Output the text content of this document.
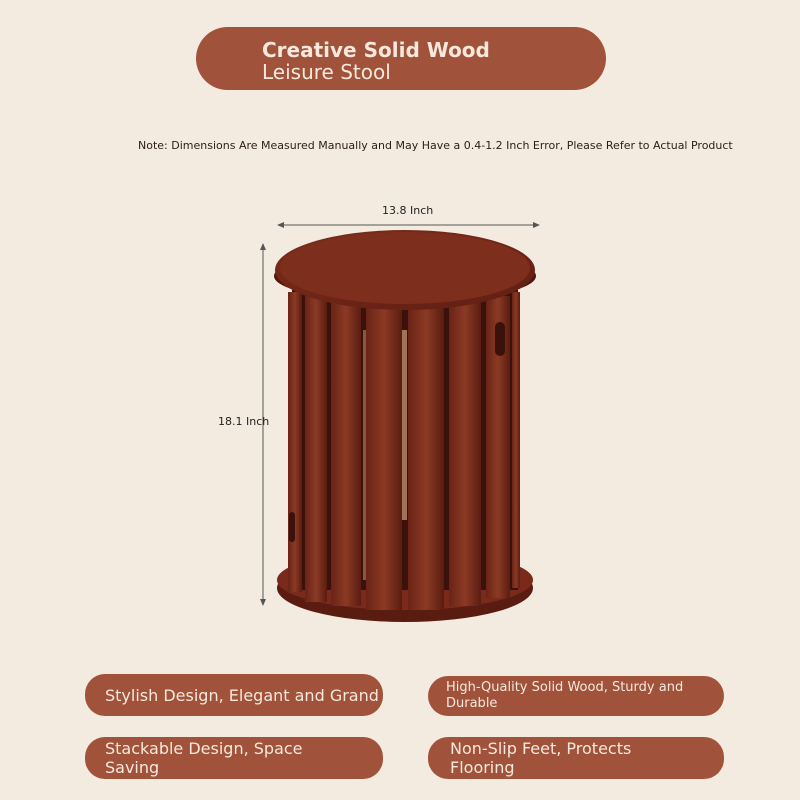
Creative Solid Wood
Leisure Stool
Note: Dimensions Are Measured Manually and May Have a 0.4-1.2 Inch Error, Please Refer to Actual Product
13.8 Inch
18.1 Inch
Stylish Design, Elegant and Grand	High-Quality Solid Wood, Sturdy and Durable
Stackable Design, Space Saving
Non-Slip Feet, Protects Flooring
